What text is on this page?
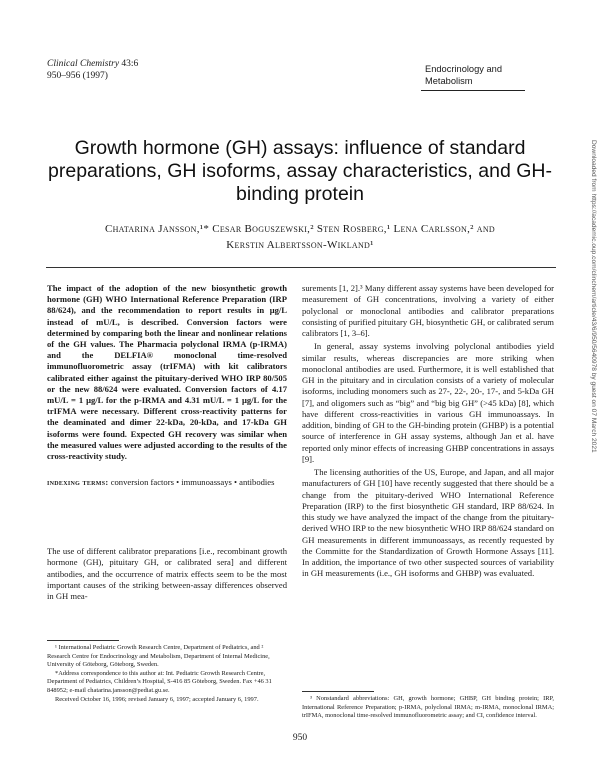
Clinical Chemistry 43:6
950–956 (1997)
Endocrinology and Metabolism
Growth hormone (GH) assays: influence of standard preparations, GH isoforms, assay characteristics, and GH-binding protein
Chatarina Jansson,¹* Cesar Boguszewski,² Sten Rosberg,¹ Lena Carlsson,² and
Kerstin Albertsson-Wikland¹	Downloaded from https://academic.oup.com/clinchem/article/43/6/950/5640978 by guest on 07 March 2021
The impact of the adoption of the new biosynthetic growth hormone (GH) WHO International Reference Preparation (IRP 88/624), and the recommendation to report results in μg/L instead of mU/L, is described. Conversion factors were determined by comparing both the linear and nonlinear relations of the GH values. The Pharmacia polyclonal IRMA (p-IRMA) and the DELFIA® monoclonal time-resolved immunofluorometric assay (trIFMA) with kit calibrators calibrated either against the pituitary-derived WHO IRP 80/505 or the new 88/624 were evaluated. Conversion factors of 4.17 mU/L = 1 μg/L for the p-IRMA and 4.31 mU/L = 1 μg/L for the trIFMA were necessary. Different cross-reactivity patterns for the deaminated and dimer 22-kDa, 20-kDa, and 17-kDa GH isoforms were found. Expected GH recovery was similar when the measured values were adjusted according to the results of the cross-reactivity study.
indexing terms: conversion factors • immunoassays • antibodies
The use of different calibrator preparations [i.e., recombinant growth hormone (GH), pituitary GH, or calibrated sera] and different antibodies, and the occurrence of matrix effects seem to be the most important causes of the striking between-assay differences observed in GH mea-

surements [1, 2].³ Many different assay systems have been developed for measurement of GH concentrations, involving a variety of either polyclonal or monoclonal antibodies and calibrator preparations consisting of purified pituitary GH, biosynthetic GH, or calibrated serum calibrators [1, 3–6].

In general, assay systems involving polyclonal antibodies yield similar results, whereas discrepancies are more striking when monoclonal antibodies are used. Furthermore, it is well established that GH in the pituitary and in circulation consists of a variety of molecular isoforms, including monomers such as 27-, 22-, 20-, 17-, and 5-kDa GH [7], and oligomers such as “big” and “big big GH” (>45 kDa) [8], which have different cross-reactivities in various GH immunoassays. In addition, binding of GH to the GH-binding protein (GHBP) is a potential source of interference in GH assay systems, although Jan et al. have reported only minor effects of increasing GHBP concentrations in assays [9].

The licensing authorities of the US, Europe, and Japan, and all major manufacturers of GH [10] have recently suggested that there should be a change from the pituitary-derived WHO International Reference Preparation (IRP) to the first biosynthetic GH standard, IRP 88/624. In this study we have analyzed the impact of the change from the pituitary-derived WHO IRP to the new biosynthetic WHO IRP 88/624 standard on GH measurements in different immunoassays, as recently requested by the Committe for the Standardization of Growth Hormone Assays [11]. In addition, the importance of two other suspected sources of variability in GH measurements (i.e., GH isoforms and GHBP) was evaluated.

¹ International Pediatric Growth Research Centre, Department of Pediatrics, and ² Research Centre for Endocrinology and Metabolism, Department of Internal Medicine, University of Göteborg, Göteborg, Sweden.

*Address correspondence to this author at: Int. Pediatric Growth Research Centre, Department of Pediatrics, Children’s Hospital, S-416 85 Göteborg, Sweden. Fax +46 31 848952; e-mail chatarina.jansson@pediat.gu.se.

Received October 16, 1996; revised January 6, 1997; accepted January 6, 1997.	³ Nonstandard abbreviations: GH, growth hormone; GHBP, GH binding protein; IRP, International Reference Preparation; p-IRMA, polyclonal IRMA; m-IRMA, monoclonal IRMA; trIFMA, monoclonal time-resolved immunofluorometric assay; and CI, confidence interval.

950
